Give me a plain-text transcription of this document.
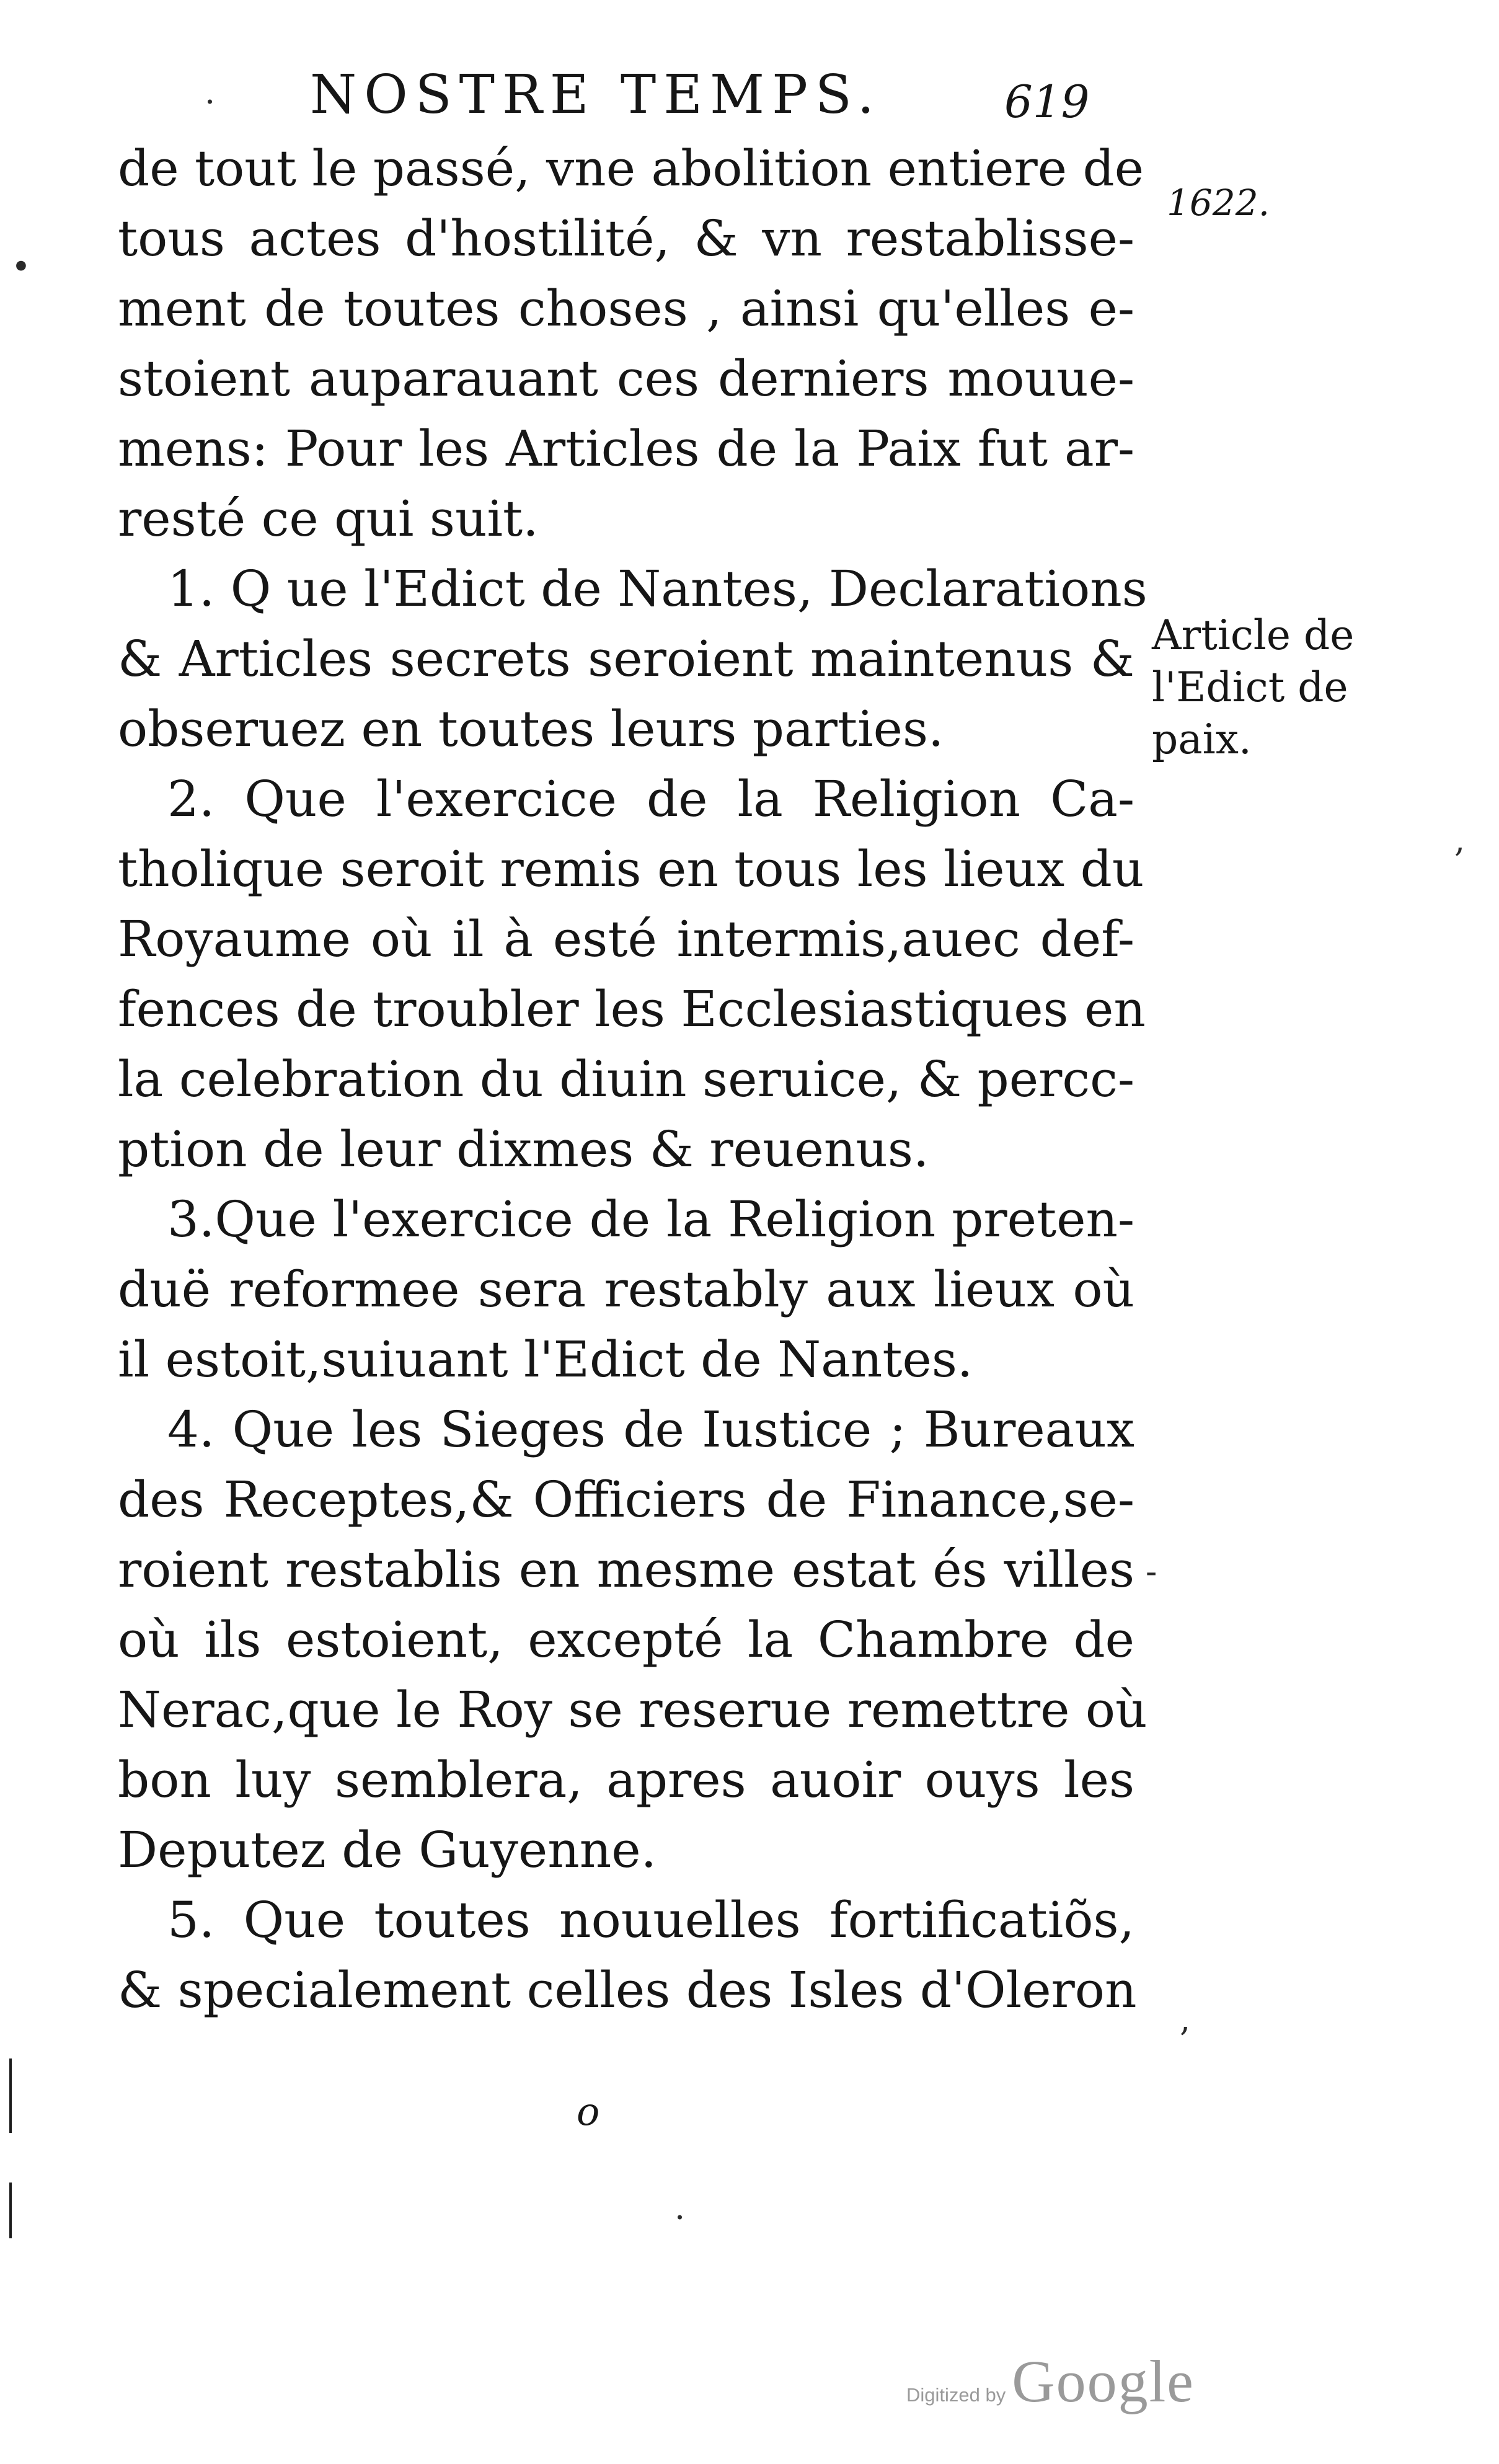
NOSTRE TEMPS.	619
1622.
Article de
l'Edict de
paix.
de tout le passé, vne abolition entiere de
tous actes d'hostilité, & vn restablisse-
ment de toutes choses , ainsi qu'elles e-
stoient auparauant ces derniers mouue-
mens: Pour les Articles de la Paix fut ar-
resté ce qui suit.
1. Q ue l'Edict de Nantes, Declarations
& Articles secrets seroient maintenus &
obseruez en toutes leurs parties.
2. Que l'exercice de la Religion Ca-
tholique seroit remis en tous les lieux du
Royaume où il à esté intermis,auec def-
fences de troubler les Ecclesiastiques en
la celebration du diuin seruice, & percc-
ption de leur dixmes & reuenus.
3.Que l'exercice de la Religion preten-
duë reformee sera restably aux lieux où
il estoit,suiuant l'Edict de Nantes.
4. Que les Sieges de Iustice ; Bureaux
des Receptes,& Officiers de Finance,se-
roient restablis en mesme estat és villes
où ils estoient, excepté la Chambre de
Nerac,que le Roy se reserue remettre où
bon luy semblera, apres auoir ouys les
Deputez de Guyenne.
5. Que toutes nouuelles fortificatiõs,
& specialement celles des Isles d'Oleron
o
·
•
,
-
,
·
Digitized by Google
